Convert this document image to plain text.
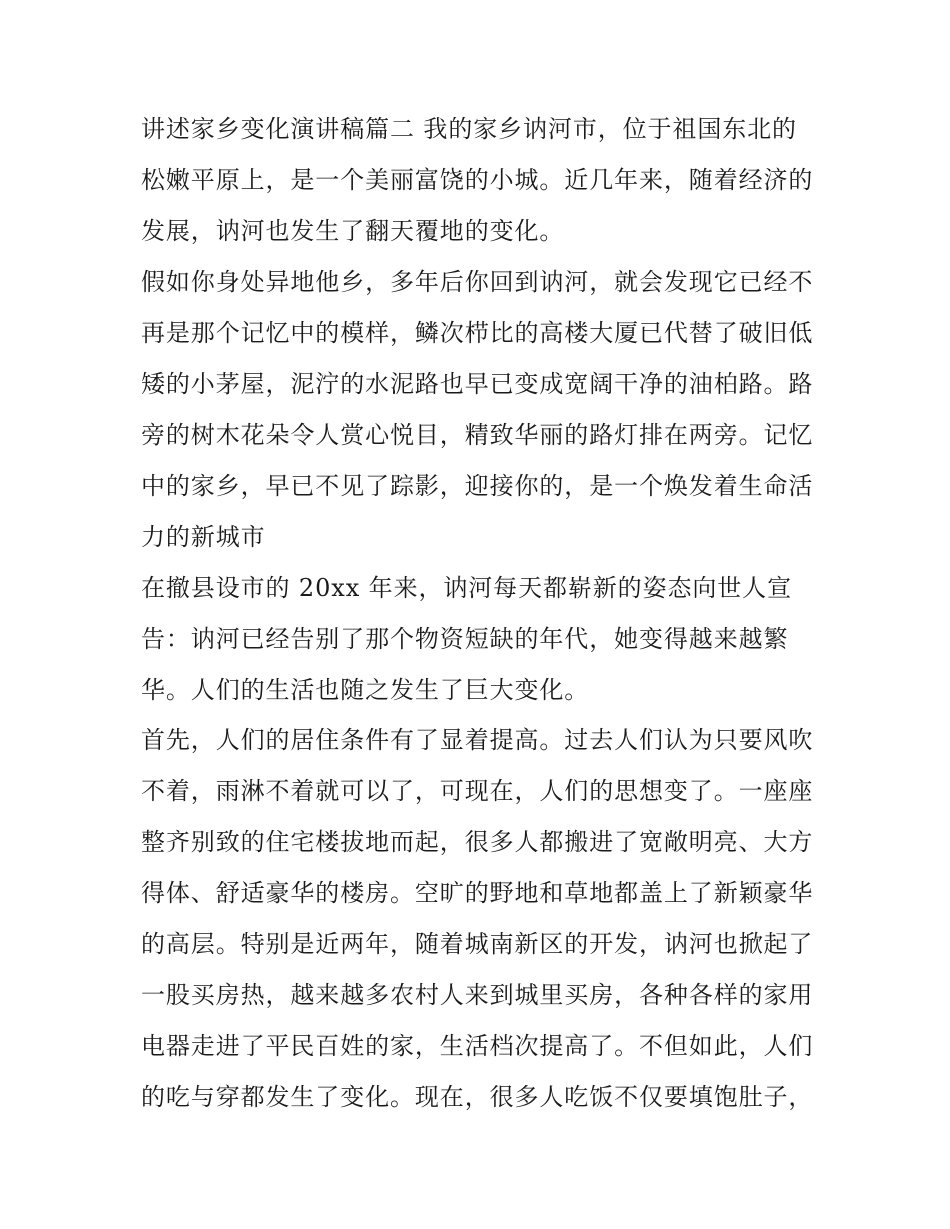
讲述家乡变化演讲稿篇二 我的家乡讷河市，位于祖国东北的

松嫩平原上，是一个美丽富饶的小城。近几年来，随着经济的

发展，讷河也发生了翻天覆地的变化。

假如你身处异地他乡，多年后你回到讷河，就会发现它已经不

再是那个记忆中的模样，鳞次栉比的高楼大厦已代替了破旧低

矮的小茅屋，泥泞的水泥路也早已变成宽阔干净的油柏路。路

旁的树木花朵令人赏心悦目，精致华丽的路灯排在两旁。记忆

中的家乡，早已不见了踪影，迎接你的，是一个焕发着生命活

力的新城市

在撤县设市的 20xx 年来，讷河每天都崭新的姿态向世人宣

告：讷河已经告别了那个物资短缺的年代，她变得越来越繁

华。人们的生活也随之发生了巨大变化。

首先，人们的居住条件有了显着提高。过去人们认为只要风吹

不着，雨淋不着就可以了，可现在，人们的思想变了。一座座

整齐别致的住宅楼拔地而起，很多人都搬进了宽敞明亮、大方

得体、舒适豪华的楼房。空旷的野地和草地都盖上了新颖豪华

的高层。特别是近两年，随着城南新区的开发，讷河也掀起了

一股买房热，越来越多农村人来到城里买房，各种各样的家用

电器走进了平民百姓的家，生活档次提高了。不但如此，人们

的吃与穿都发生了变化。现在，很多人吃饭不仅要填饱肚子，
